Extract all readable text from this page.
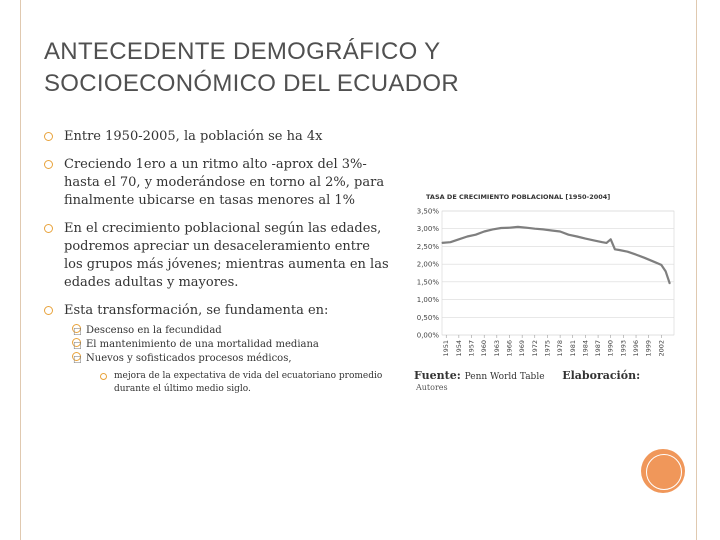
ANTECEDENTE DEMOGRÁFICO Y
SOCIOECONÓMICO DEL ECUADOR
Entre 1950-2005, la población se ha 4x
Creciendo 1ero a un ritmo alto -aprox del 3%- hasta el 70, y moderándose en torno al 2%, para finalmente ubicarse en tasas menores al 1%
En el crecimiento poblacional según las edades, podremos apreciar un desaceleramiento entre los grupos más jóvenes; mientras aumenta en las edades adultas y mayores.
Esta transformación, se fundamenta en:
□ Descenso en la fecundidad
□ El mantenimiento de una mortalidad mediana
□ Nuevos y sofisticados procesos médicos,
mejora de la expectativa de vida del ecuatoriano promedio durante el último medio siglo.
TASA DE CRECIMIENTO POBLACIONAL [1950-2004]
0,00%
0,50%
1,00%
1,50%
2,00%
2,50%
3,00%
3,50%
1951 1954 1957 1960 1963 1966 1969 1972 1975 1978 1981 1984 1987 1990 1993 1996 1999 2002
Fuente: Penn World Table Elaboración:
Autores
